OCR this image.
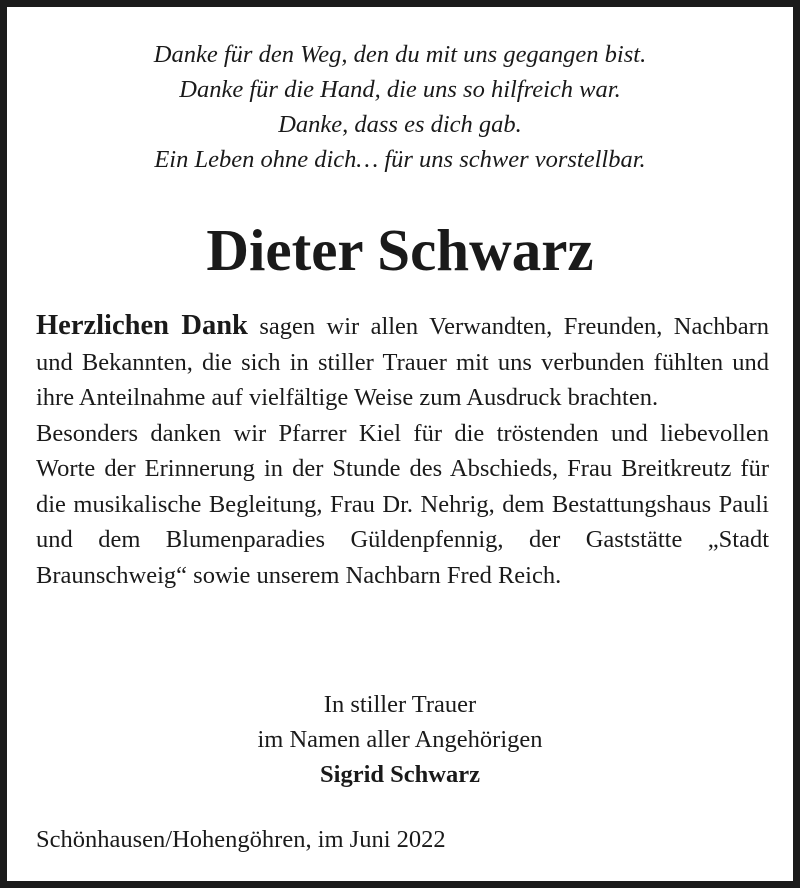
Danke für den Weg, den du mit uns gegangen bist.
Danke für die Hand, die uns so hilfreich war.
Danke, dass es dich gab.
Ein Leben ohne dich… für uns schwer vorstellbar.
Dieter Schwarz

Herzlichen Dank sagen wir allen Verwandten, Freunden, Nachbarn und Bekannten, die sich in stiller Trauer mit uns verbunden fühlten und ihre Anteilnahme auf vielfältige Weise zum Ausdruck brachten.

Besonders danken wir Pfarrer Kiel für die tröstenden und liebevollen Worte der Erinnerung in der Stunde des Abschieds, Frau Breitkreutz für die musikalische Begleitung, Frau Dr. Nehrig, dem Bestattungshaus Pauli und dem Blumenparadies Güldenpfennig, der Gaststätte „Stadt Braunschweig“ sowie unserem Nachbarn Fred Reich.

In stiller Trauer
im Namen aller Angehörigen
Sigrid Schwarz
Schönhausen/Hohengöhren, im Juni 2022
